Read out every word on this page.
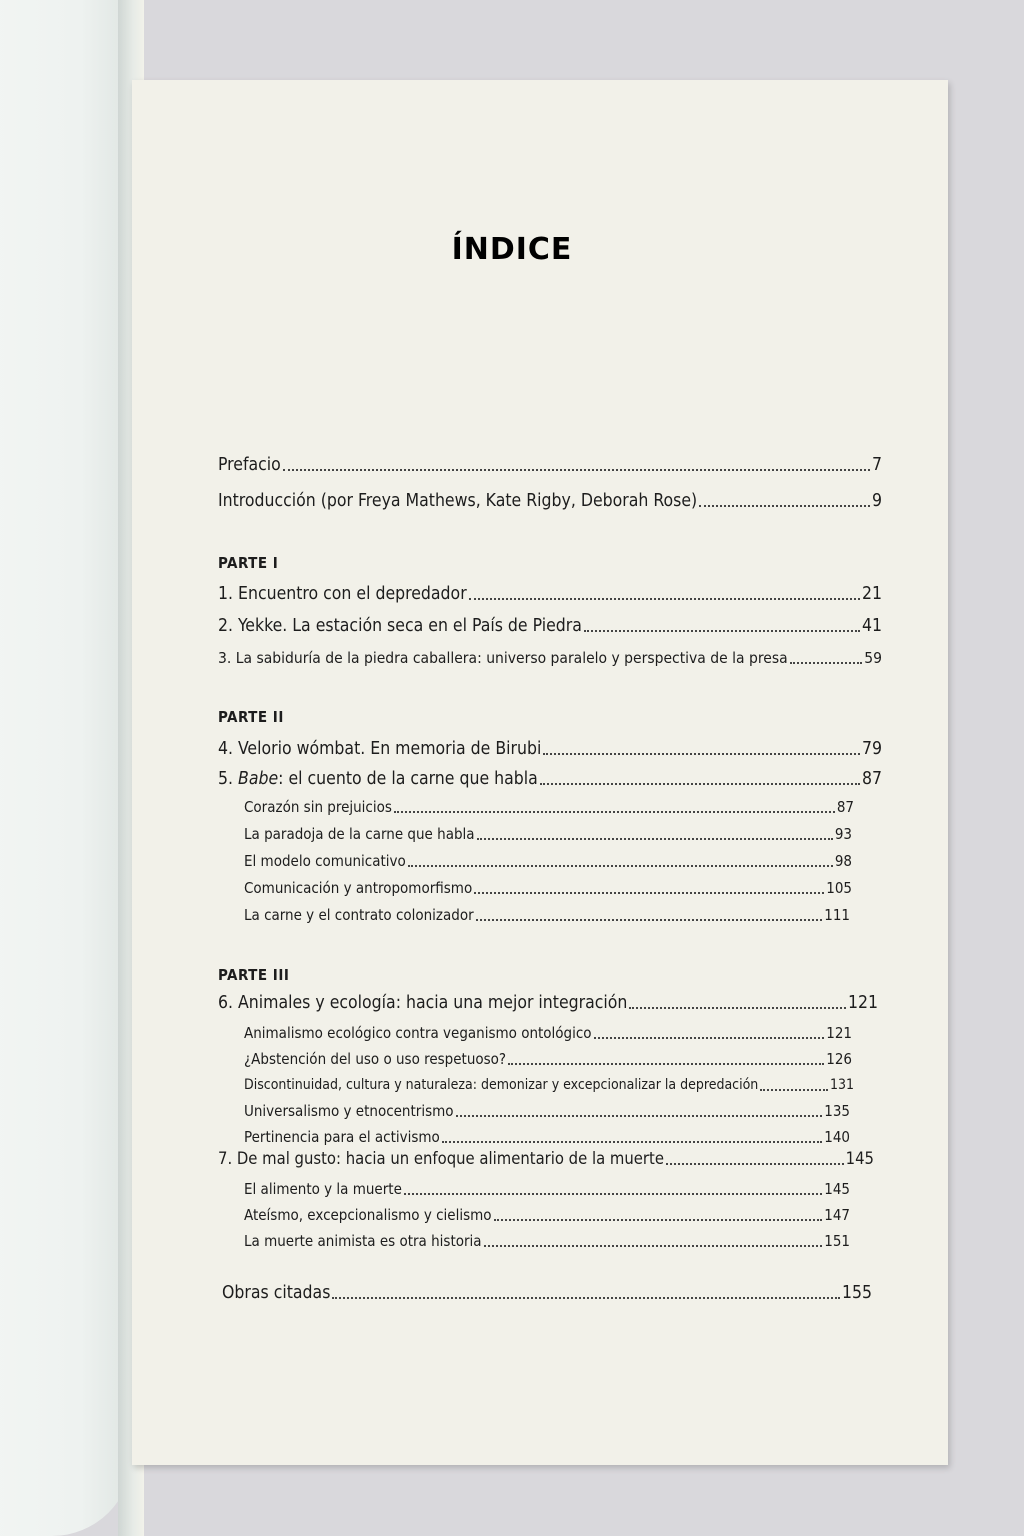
ÍNDICE
Prefacio	7
Introducción (por Freya Mathews, Kate Rigby, Deborah Rose)	9
PARTE I
1. Encuentro con el depredador	21
2. Yekke. La estación seca en el País de Piedra	41
3. La sabiduría de la piedra caballera: universo paralelo y perspectiva de la presa	59
PARTE II
4. Velorio wómbat. En memoria de Birubi	79
5. Babe: el cuento de la carne que habla	87
Corazón sin prejuicios	87
La paradoja de la carne que habla	93
El modelo comunicativo	98
Comunicación y antropomorfismo	105
La carne y el contrato colonizador	111
PARTE III
6. Animales y ecología: hacia una mejor integración	121
Animalismo ecológico contra veganismo ontológico	121
¿Abstención del uso o uso respetuoso?	126
Discontinuidad, cultura y naturaleza: demonizar y excepcionalizar la depredación	131
Universalismo y etnocentrismo	135
Pertinencia para el activismo	140
7. De mal gusto: hacia un enfoque alimentario de la muerte	145
El alimento y la muerte	145
Ateísmo, excepcionalismo y cielismo	147
La muerte animista es otra historia	151
Obras citadas	155
